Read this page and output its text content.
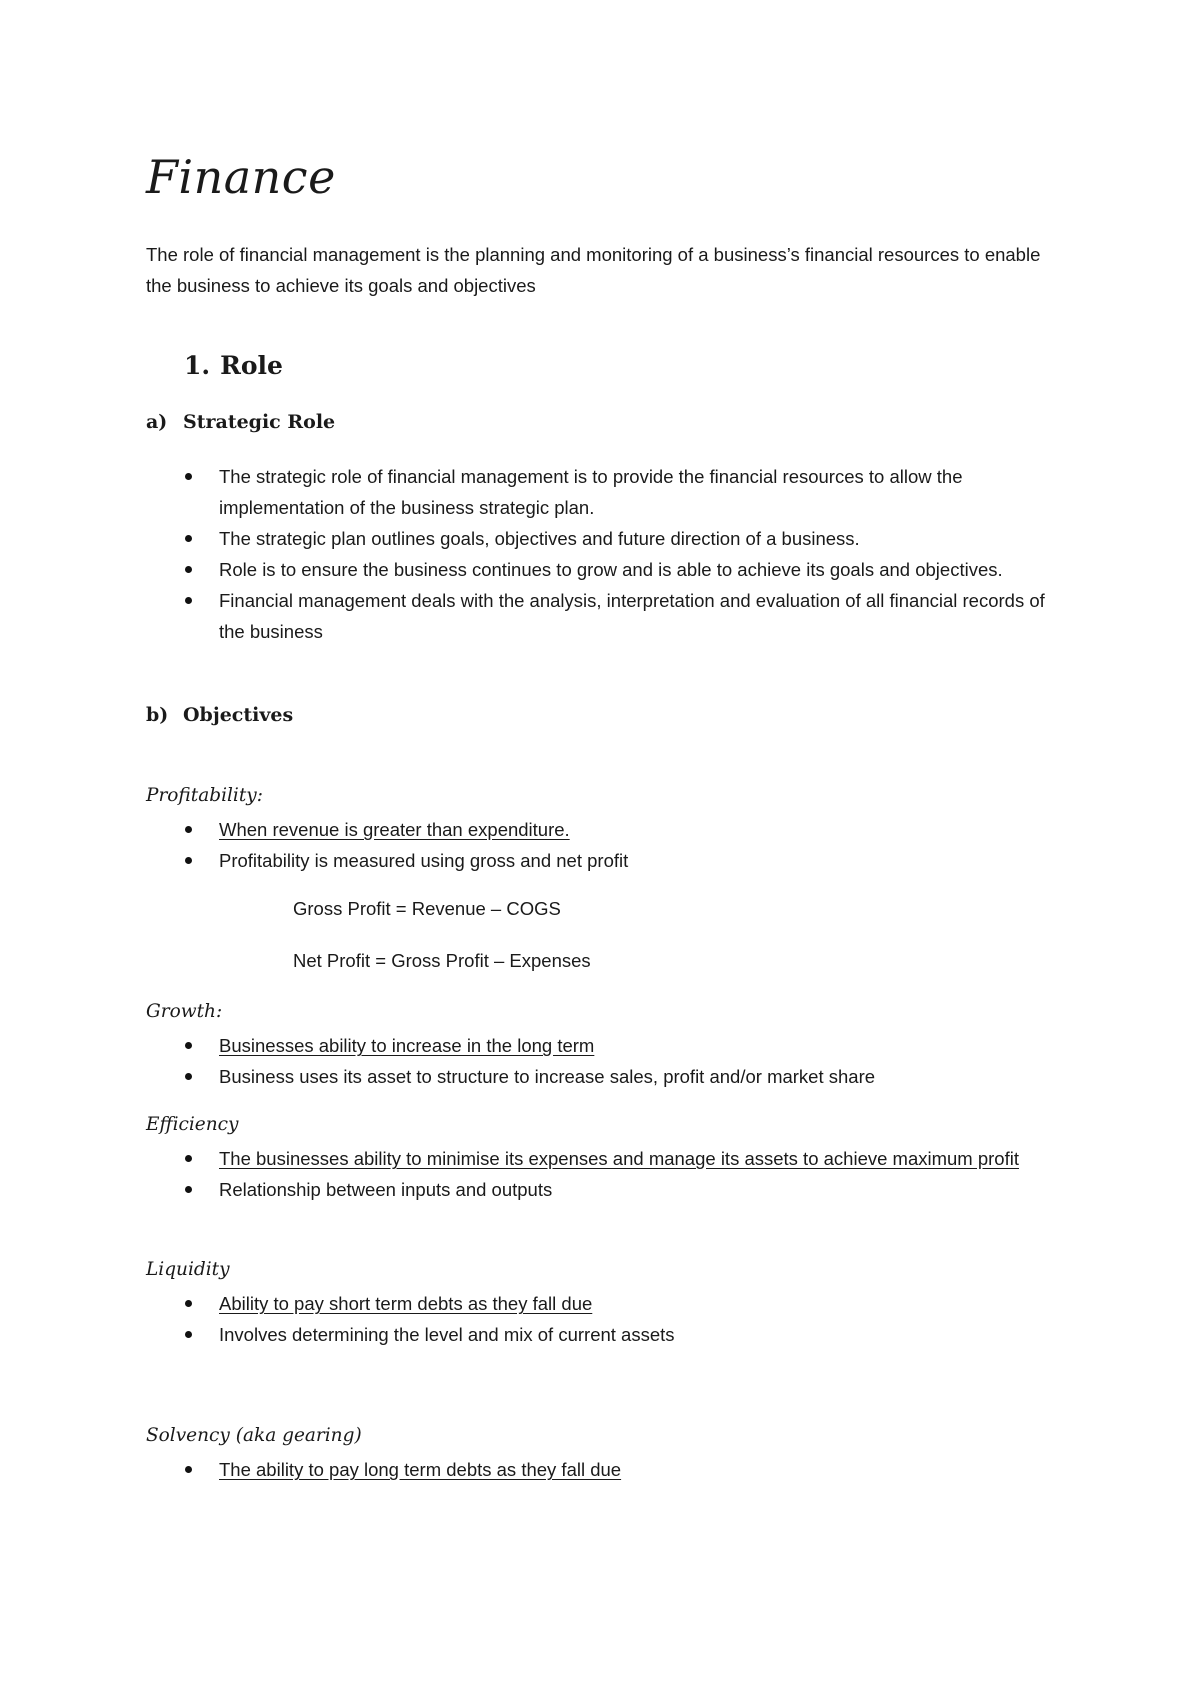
Finance
The role of financial management is the planning and monitoring of a business’s financial resources to enable the business to achieve its goals and objectives
1. Role
a) Strategic Role
The strategic role of financial management is to provide the financial resources to allow the implementation of the business strategic plan.
The strategic plan outlines goals, objectives and future direction of a business.
Role is to ensure the business continues to grow and is able to achieve its goals and objectives.
Financial management deals with the analysis, interpretation and evaluation of all financial records of the business
b) Objectives
Profitability:
When revenue is greater than expenditure.
Profitability is measured using gross and net profit
Gross Profit = Revenue – COGS
Net Profit = Gross Profit – Expenses
Growth:
Businesses ability to increase in the long term
Business uses its asset to structure to increase sales, profit and/or market share
Efficiency
The businesses ability to minimise its expenses and manage its assets to achieve maximum profit
Relationship between inputs and outputs
Liquidity
Ability to pay short term debts as they fall due
Involves determining the level and mix of current assets
Solvency (aka gearing)
The ability to pay long term debts as they fall due
